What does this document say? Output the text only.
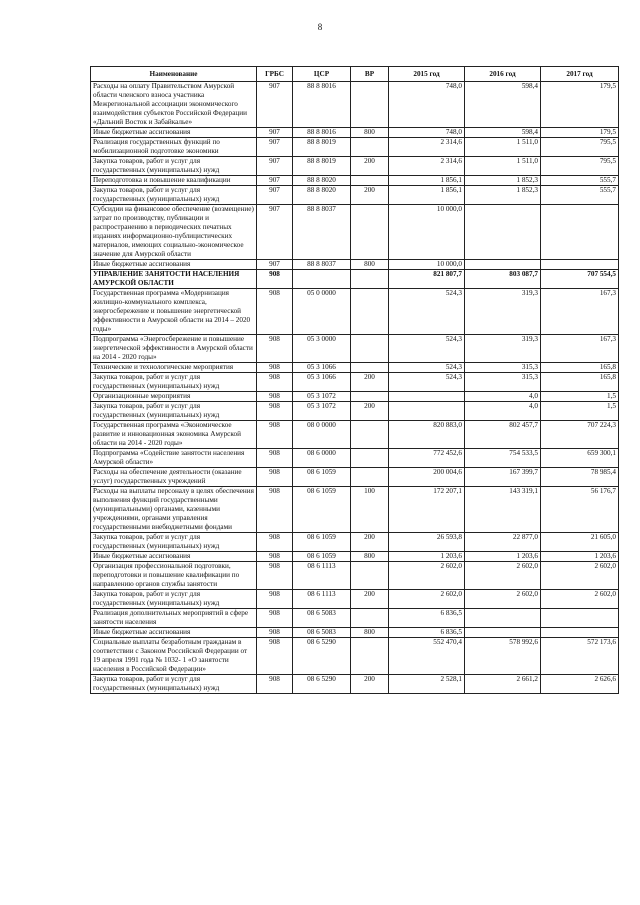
8
Наименование	ГРБС	ЦСР	ВР	2015 год	2016 год	2017 год
Расходы на оплату Правительством Амурской области членского взноса участника Межрегиональной ассоциации экономического взаимодействия субъектов Российской Федерации «Дальний Восток и Забайкалье»	907	88 8 8016		748,0	598,4	179,5
Иные бюджетные ассигнования	907	88 8 8016	800	748,0	598,4	179,5
Реализация государственных функций по мобилизационной подготовке экономики	907	88 8 8019		2 314,6	1 511,0	795,5
Закупка товаров, работ и услуг для государственных (муниципальных) нужд	907	88 8 8019	200	2 314,6	1 511,0	795,5
Переподготовка и повышение квалификации	907	88 8 8020		1 856,1	1 852,3	555,7
Закупка товаров, работ и услуг для государственных (муниципальных) нужд	907	88 8 8020	200	1 856,1	1 852,3	555,7
Субсидии на финансовое обеспечение (возмещение) затрат по производству, публикации и распространению в периодических печатных изданиях информационно-публицистических материалов, имеющих социально-экономическое значение для Амурской области	907	88 8 8037		10 000,0		
Иные бюджетные ассигнования	907	88 8 8037	800	10 000,0		
УПРАВЛЕНИЕ ЗАНЯТОСТИ НАСЕЛЕНИЯ АМУРСКОЙ ОБЛАСТИ	908			821 807,7	803 087,7	707 554,5
Государственная программа «Модернизация жилищно-коммунального комплекса, энергосбережение и повышение энергетической эффективности в Амурской области на 2014 – 2020 годы»	908	05 0 0000		524,3	319,3	167,3
Подпрограмма «Энергосбережение и повышение энергетической эффективности в Амурской области на 2014 - 2020 годы»	908	05 3 0000		524,3	319,3	167,3
Технические и технологические мероприятия	908	05 3 1066		524,3	315,3	165,8
Закупка товаров, работ и услуг для государственных (муниципальных) нужд	908	05 3 1066	200	524,3	315,3	165,8
Организационные мероприятия	908	05 3 1072			4,0	1,5
Закупка товаров, работ и услуг для государственных (муниципальных) нужд	908	05 3 1072	200		4,0	1,5
Государственная программа «Экономическое развитие и инновационная экономика Амурской области на 2014 - 2020 годы»	908	08 0 0000		820 883,0	802 457,7	707 224,3
Подпрограмма «Содействие занятости населения Амурской области»	908	08 6 0000		772 452,6	754 533,5	659 300,1
Расходы на обеспечение деятельности (оказание услуг) государственных учреждений	908	08 6 1059		200 004,6	167 399,7	78 985,4
Расходы на выплаты персоналу в целях обеспечения выполнения функций государственными (муниципальными) органами, казенными учреждениями, органами управления государственными внебюджетными фондами	908	08 6 1059	100	172 207,1	143 319,1	56 176,7
Закупка товаров, работ и услуг для государственных (муниципальных) нужд	908	08 6 1059	200	26 593,8	22 877,0	21 605,0
Иные бюджетные ассигнования	908	08 6 1059	800	1 203,6	1 203,6	1 203,6
Организация профессиональной подготовки, переподготовки и повышение квалификации по направлению органов службы занятости	908	08 6 1113		2 602,0	2 602,0	2 602,0
Закупка товаров, работ и услуг для государственных (муниципальных) нужд	908	08 6 1113	200	2 602,0	2 602,0	2 602,0
Реализация дополнительных мероприятий в сфере занятости населения	908	08 6 5083		6 836,5		
Иные бюджетные ассигнования	908	08 6 5083	800	6 836,5		
Социальные выплаты безработным гражданам в соответствии с Законом Российской Федерации от 19 апреля 1991 года № 1032- 1 «О занятости населения в Российской Федерации»	908	08 6 5290		552 470,4	578 992,6	572 173,6
Закупка товаров, работ и услуг для государственных (муниципальных) нужд	908	08 6 5290	200	2 528,1	2 661,2	2 626,6
